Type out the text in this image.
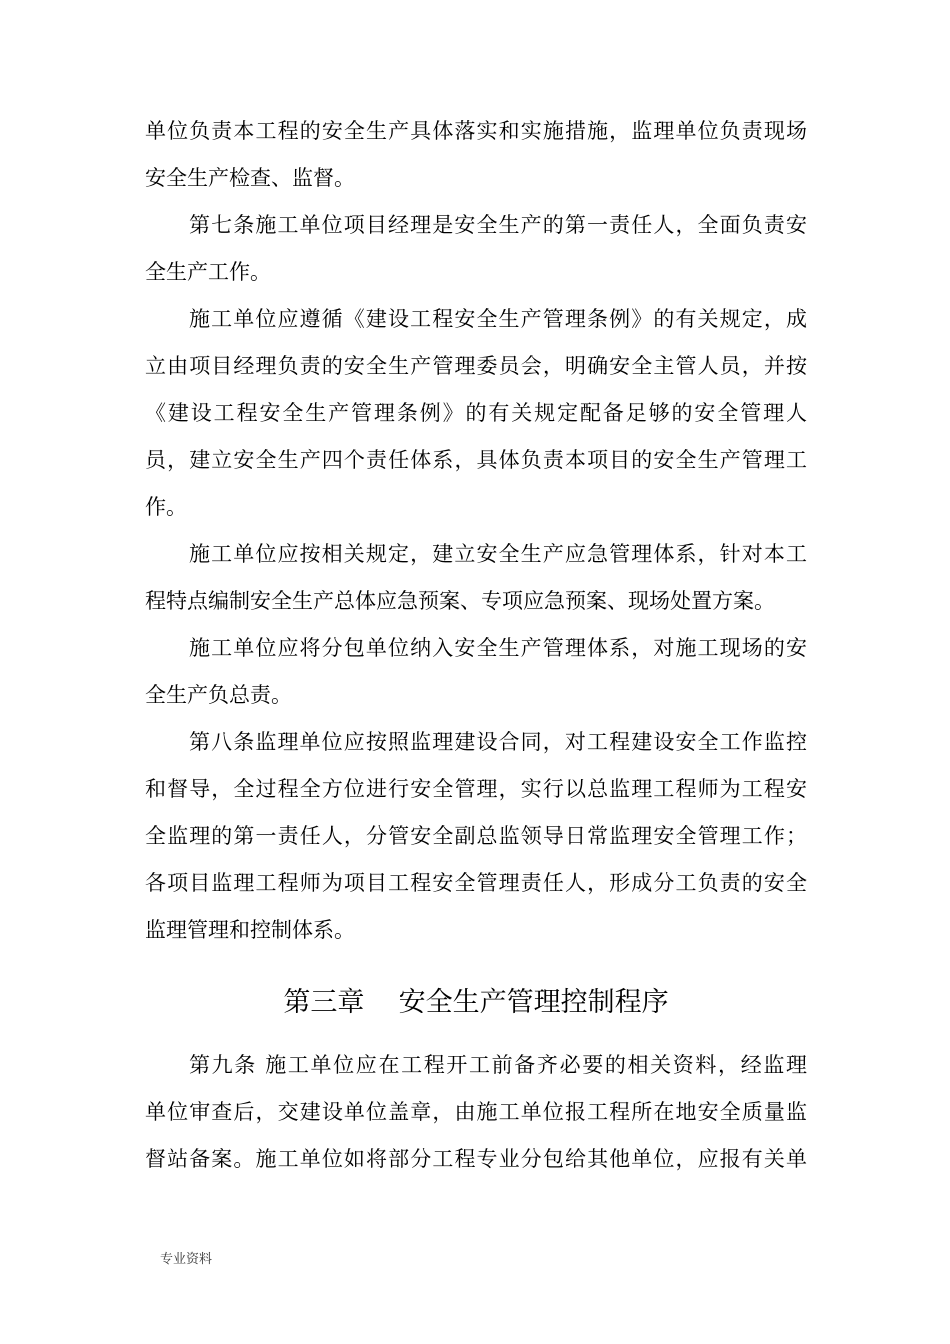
单位负责本工程的安全生产具体落实和实施措施，监理单位负责现场
安全生产检查、监督。
第七条施工单位项目经理是安全生产的第一责任人，全面负责安
全生产工作。
施工单位应遵循《建设工程安全生产管理条例》的有关规定，成
立由项目经理负责的安全生产管理委员会，明确安全主管人员，并按
《建设工程安全生产管理条例》的有关规定配备足够的安全管理人
员，建立安全生产四个责任体系，具体负责本项目的安全生产管理工
作。
施工单位应按相关规定，建立安全生产应急管理体系，针对本工
程特点编制安全生产总体应急预案、专项应急预案、现场处置方案。
施工单位应将分包单位纳入安全生产管理体系，对施工现场的安
全生产负总责。
第八条监理单位应按照监理建设合同，对工程建设安全工作监控
和督导，全过程全方位进行安全管理，实行以总监理工程师为工程安
全监理的第一责任人，分管安全副总监领导日常监理安全管理工作；
各项目监理工程师为项目工程安全管理责任人，形成分工负责的安全
监理管理和控制体系。
第三章    安全生产管理控制程序
第九条 施工单位应在工程开工前备齐必要的相关资料，经监理
单位审查后，交建设单位盖章，由施工单位报工程所在地安全质量监
督站备案。施工单位如将部分工程专业分包给其他单位，应报有关单
专业资料
